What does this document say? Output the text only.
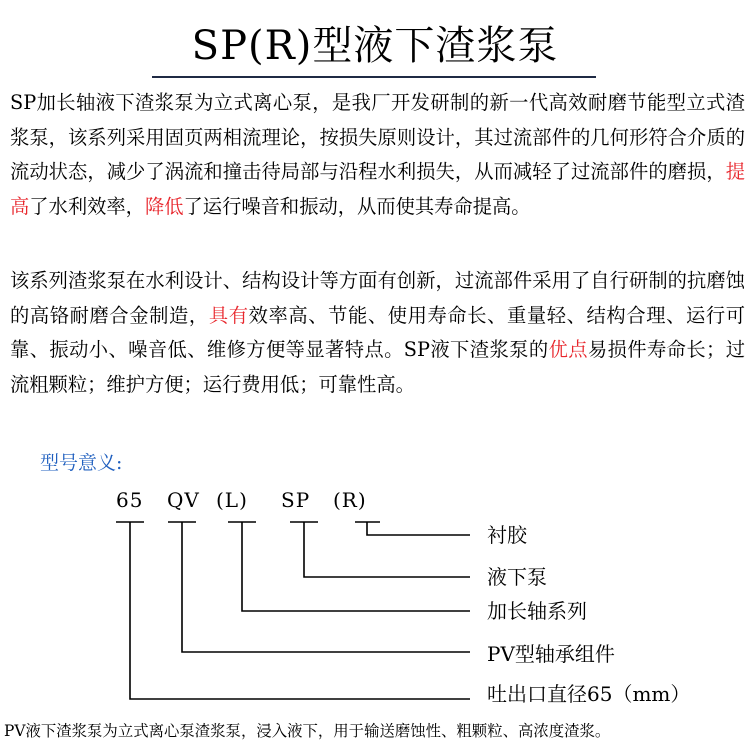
SP(R)型液下渣浆泵

SP加长轴液下渣浆泵为立式离心泵，是我厂开发研制的新一代高效耐磨节能型立式渣浆泵，该系列采用固页两相流理论，按损失原则设计，其过流部件的几何形符合介质的流动状态，减少了涡流和撞击待局部与沿程水利损失，从而减轻了过流部件的磨损，提高了水利效率，降低了运行噪音和振动，从而使其寿命提高。

该系列渣浆泵在水利设计、结构设计等方面有创新，过流部件采用了自行研制的抗磨蚀的高铬耐磨合金制造，具有效率高、节能、使用寿命长、重量轻、结构合理、运行可靠、振动小、噪音低、维修方便等显著特点。SP液下渣浆泵的优点易损件寿命长；过流粗颗粒；维护方便；运行费用低；可靠性高。

型号意义:
65 QV (L) SP (R)
衬胶
液下泵
加长轴系列
PV型轴承组件
吐出口直径65（mm）
PV液下渣浆泵为立式离心泵渣浆泵，浸入液下，用于输送磨蚀性、粗颗粒、高浓度渣浆。
